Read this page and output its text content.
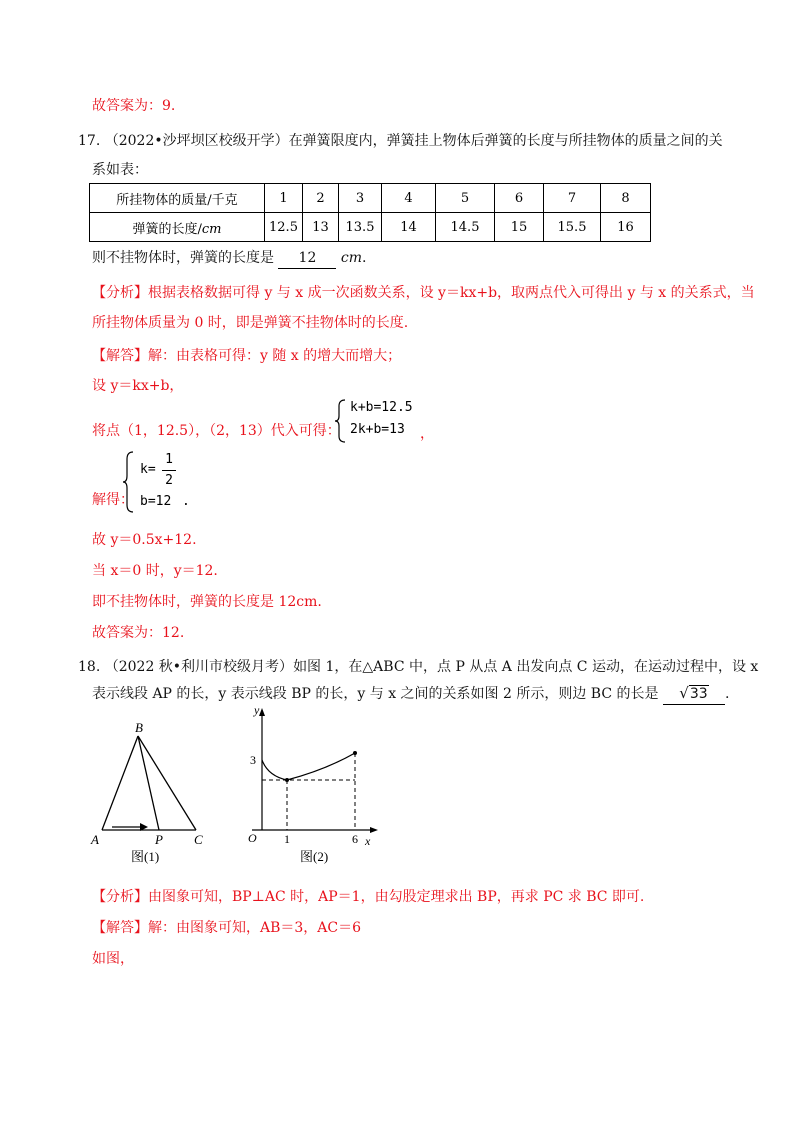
故答案为：9.
17. （2022•沙坪坝区校级开学）在弹簧限度内，弹簧挂上物体后弹簧的长度与所挂物体的质量之间的关
系如表：
所挂物体的质量/千克	1	2	3	4	5	6	7	8
弹簧的长度/cm	12.5	13	13.5	14	14.5	15	15.5	16
则不挂物体时，弹簧的长度是 12 cm.
【分析】根据表格数据可得 y 与 x 成一次函数关系，设 y＝kx+b，取两点代入可得出 y 与 x 的关系式，当
所挂物体质量为 0 时，即是弹簧不挂物体时的长度.
【解答】解：由表格可得：y 随 x 的增大而增大；
设 y＝kx+b，
将点（1，12.5），（2，13）代入可得：
k+b=12.5
2k+b=13 ，
解得：
k=
1
2
b=12 .
故 y＝0.5x+12.
当 x＝0 时，y＝12.
即不挂物体时，弹簧的长度是 12cm.
故答案为：12.
18. （2022 秋•利川市校级月考）如图 1，在△ABC 中，点 P 从点 A 出发向点 C 运动，在运动过程中，设 x
表示线段 AP 的长，y 表示线段 BP 的长，y 与 x 之间的关系如图 2 所示，则边 BC 的长是 √33 .
B
A	P C
图(1)
y
x
O
3
1	6
图(2)
【分析】由图象可知，BP⊥AC 时，AP＝1，由勾股定理求出 BP，再求 PC 求 BC 即可.
【解答】解：由图象可知，AB＝3，AC＝6
如图，
